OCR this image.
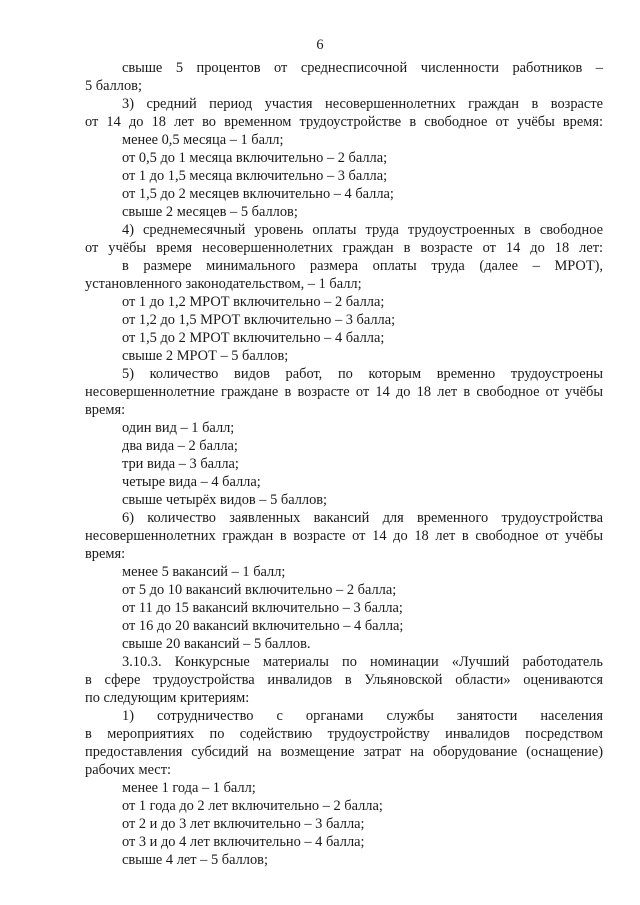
6
свыше 5 процентов от среднесписочной численности работников –
5 баллов;
3) средний период участия несовершеннолетних граждан в возрасте
от 14 до 18 лет во временном трудоустройстве в свободное от учёбы время:
менее 0,5 месяца – 1 балл;
от 0,5 до 1 месяца включительно – 2 балла;
от 1 до 1,5 месяца включительно – 3 балла;
от 1,5 до 2 месяцев включительно – 4 балла;
свыше 2 месяцев – 5 баллов;
4) среднемесячный уровень оплаты труда трудоустроенных в свободное
от учёбы время несовершеннолетних граждан в возрасте от 14 до 18 лет:
в размере минимального размера оплаты труда (далее – МРОТ),
установленного законодательством, – 1 балл;
от 1 до 1,2 МРОТ включительно – 2 балла;
от 1,2 до 1,5 МРОТ включительно – 3 балла;
от 1,5 до 2 МРОТ включительно – 4 балла;
свыше 2 МРОТ – 5 баллов;
5) количество видов работ, по которым временно трудоустроены
несовершеннолетние граждане в возрасте от 14 до 18 лет в свободное от учёбы
время:
один вид – 1 балл;
два вида – 2 балла;
три вида – 3 балла;
четыре вида – 4 балла;
свыше четырёх видов – 5 баллов;
6) количество заявленных вакансий для временного трудоустройства
несовершеннолетних граждан в возрасте от 14 до 18 лет в свободное от учёбы
время:
менее 5 вакансий – 1 балл;
от 5 до 10 вакансий включительно – 2 балла;
от 11 до 15 вакансий включительно – 3 балла;
от 16 до 20 вакансий включительно – 4 балла;
свыше 20 вакансий – 5 баллов.
3.10.3. Конкурсные материалы по номинации «Лучший работодатель
в сфере трудоустройства инвалидов в Ульяновской области» оцениваются
по следующим критериям:
1) сотрудничество с органами службы занятости населения
в мероприятиях по содействию трудоустройству инвалидов посредством
предоставления субсидий на возмещение затрат на оборудование (оснащение)
рабочих мест:
менее 1 года – 1 балл;
от 1 года до 2 лет включительно – 2 балла;
от 2 и до 3 лет включительно – 3 балла;
от 3 и до 4 лет включительно – 4 балла;
свыше 4 лет – 5 баллов;
